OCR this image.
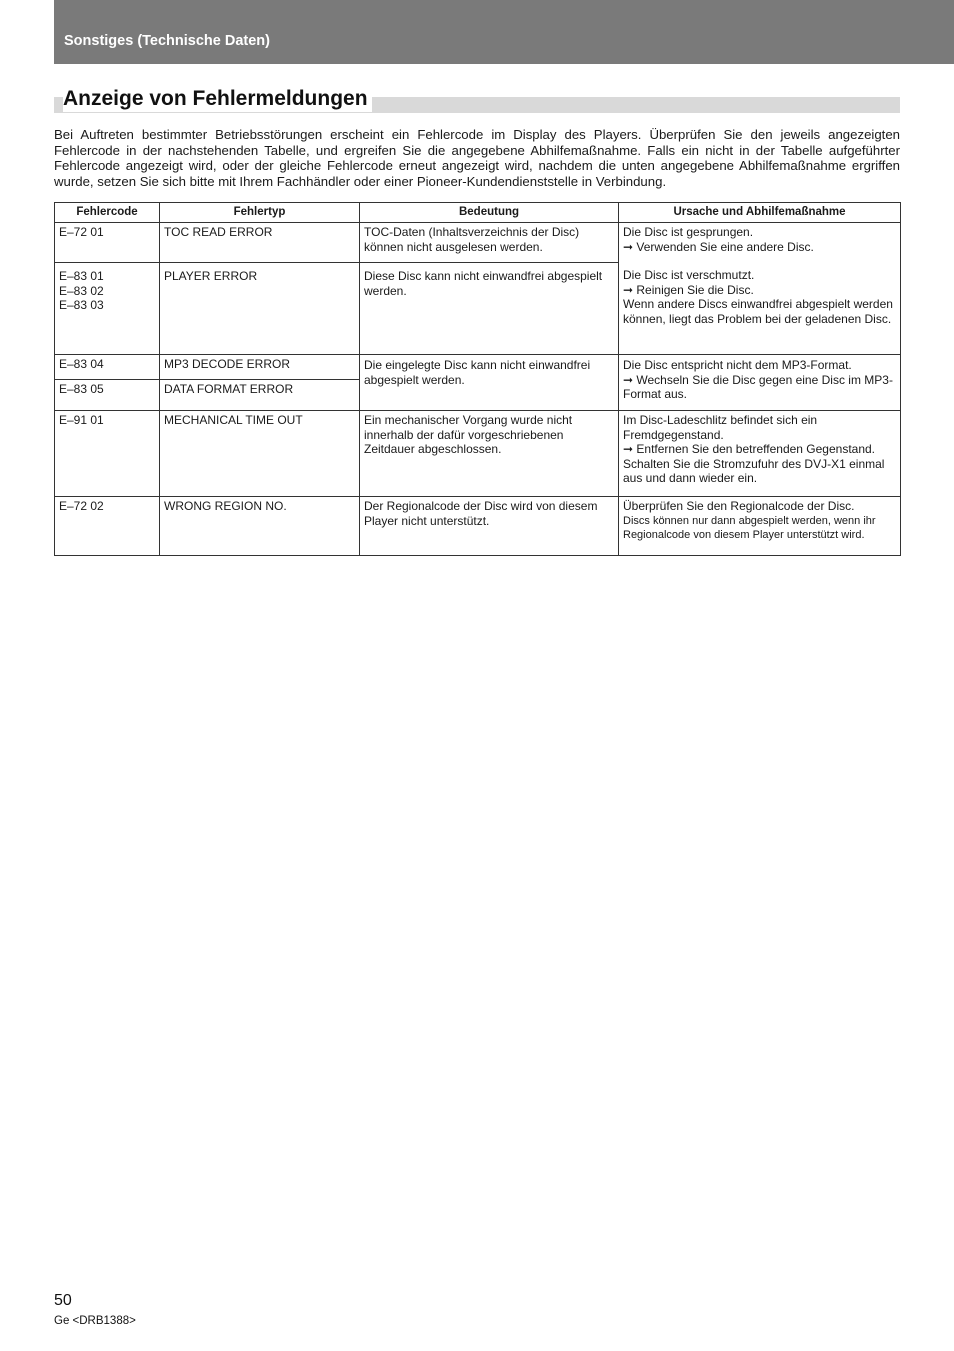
Sonstiges (Technische Daten)
Anzeige von Fehlermeldungen

Bei Auftreten bestimmter Betriebsstörungen erscheint ein Fehlercode im Display des Players. Überprüfen Sie den jeweils angezeigten Fehlercode in der nachstehenden Tabelle, und ergreifen Sie die angegebene Abhilfemaßnahme. Falls ein nicht in der Tabelle aufgeführter Fehlercode angezeigt wird, oder der gleiche Fehlercode erneut angezeigt wird, nachdem die unten angegebene Abhilfemaßnahme ergriffen wurde, setzen Sie sich bitte mit Ihrem Fachhändler oder einer Pioneer-Kundendienststelle in Verbindung.

Fehlercode	Fehlertyp	Bedeutung	Ursache und Abhilfemaßnahme

E–72 01	TOC READ ERROR	TOC-Daten (Inhaltsverzeichnis der Disc) können nicht ausgelesen werden.	Die Disc ist gesprungen.
➞ Verwenden Sie eine andere Disc.
Die Disc ist verschmutzt.
➞ Reinigen Sie die Disc.
Wenn andere Discs einwandfrei abgespielt werden können, liegt das Problem bei der geladenen Disc.

E–83 01
E–83 02
E–83 03	PLAYER ERROR	Diese Disc kann nicht einwandfrei abgespielt werden.	

E–83 04	MP3 DECODE ERROR	Die eingelegte Disc kann nicht einwandfrei abgespielt werden.	Die Disc entspricht nicht dem MP3-Format.
➞ Wechseln Sie die Disc gegen eine Disc im MP3-Format aus.

E–83 05	DATA FORMAT ERROR		

E–91 01	MECHANICAL TIME OUT	Ein mechanischer Vorgang wurde nicht innerhalb der dafür vorgeschriebenen Zeitdauer abgeschlossen.	Im Disc-Ladeschlitz befindet sich ein Fremdgegenstand.
➞ Entfernen Sie den betreffenden Gegenstand. Schalten Sie die Stromzufuhr des DVJ-X1 einmal aus und dann wieder ein.

E–72 02	WRONG REGION NO.	Der Regionalcode der Disc wird von diesem Player nicht unterstützt.	Überprüfen Sie den Regionalcode der Disc.
Discs können nur dann abgespielt werden, wenn ihr Regionalcode von diesem Player unterstützt wird.
50
Ge <DRB1388>
